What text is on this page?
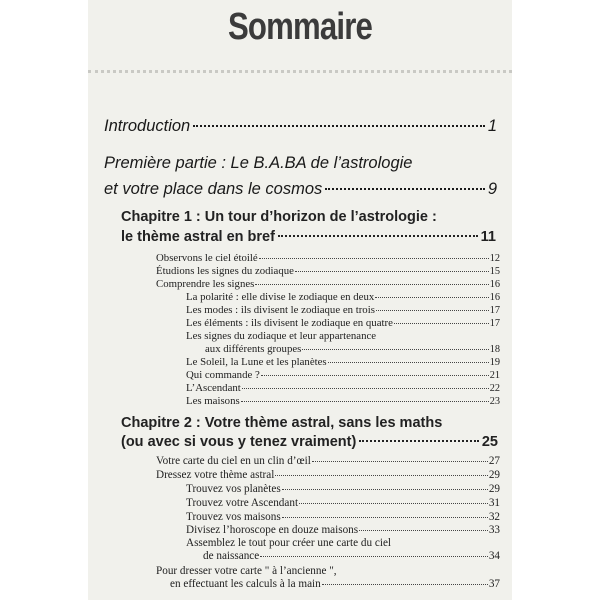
Sommaire
Introduction	1
Première partie : Le B.A.BA de l’astrologie
et votre place dans le cosmos	9
Chapitre 1 : Un tour d’horizon de l’astrologie :
le thème astral en bref	11
Observons le ciel étoilé	12
Étudions les signes du zodiaque	15
Comprendre les signes	16
La polarité : elle divise le zodiaque en deux	16
Les modes : ils divisent le zodiaque en trois	17
Les éléments : ils divisent le zodiaque en quatre	17
Les signes du zodiaque et leur appartenance
aux différents groupes	18
Le Soleil, la Lune et les planètes	19
Qui commande ?	21
L’Ascendant	22
Les maisons	23
Chapitre 2 : Votre thème astral, sans les maths
(ou avec si vous y tenez vraiment)	25
Votre carte du ciel en un clin d’œil	27
Dressez votre thème astral	29
Trouvez vos planètes	29
Trouvez votre Ascendant	31
Trouvez vos maisons	32
Divisez l’horoscope en douze maisons	33
Assemblez le tout pour créer une carte du ciel
de naissance	34
Pour dresser votre carte " à l’ancienne ",
en effectuant les calculs à la main	37
